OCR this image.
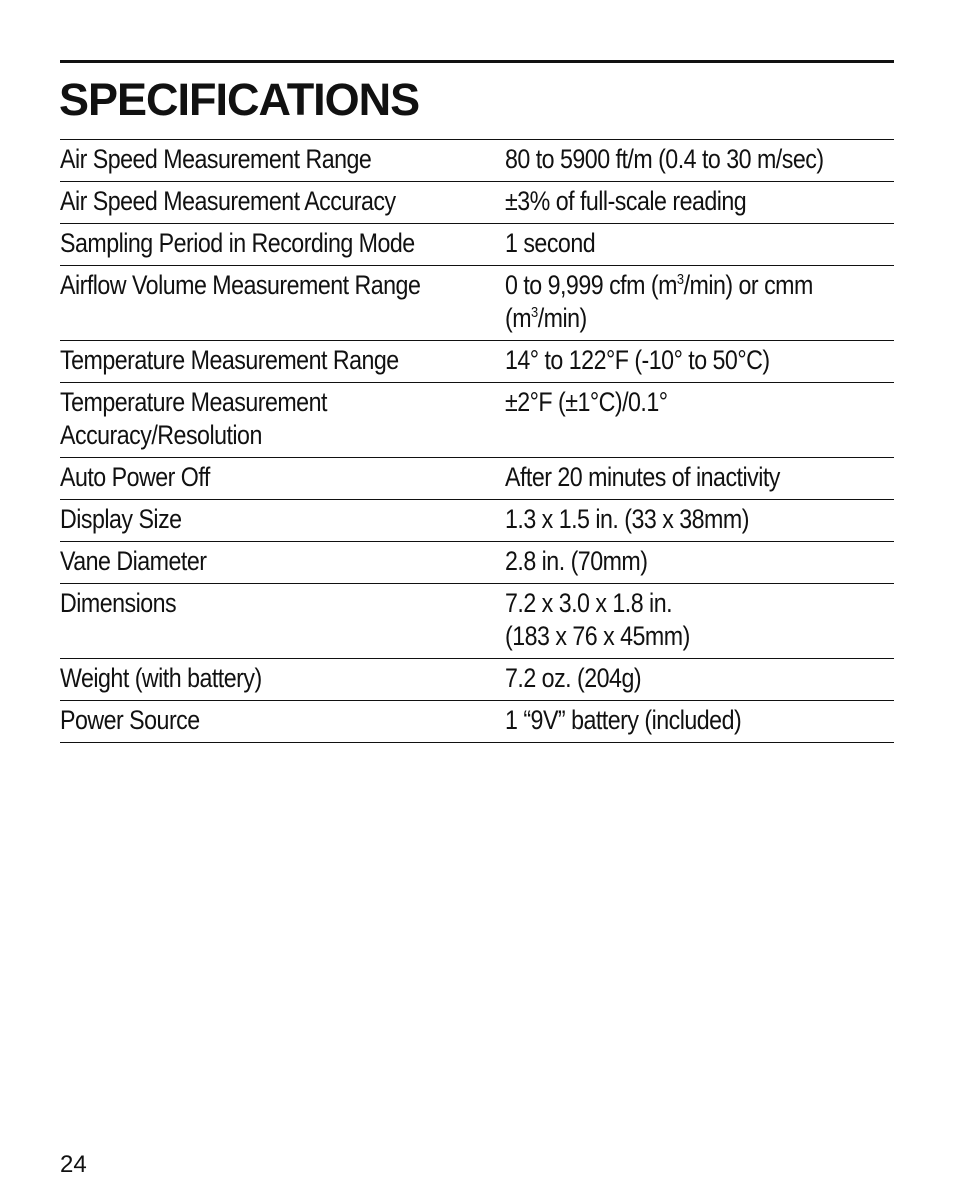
SPECIFICATIONS
Air Speed Measurement Range	80 to 5900 ft/m (0.4 to 30 m/sec)
Air Speed Measurement Accuracy	±3% of full-scale reading
Sampling Period in Recording Mode	1 second
Airflow Volume Measurement Range	0 to 9,999 cfm $(m^3/\min)$ or cmm
$(m^3/\min)$
Temperature Measurement Range	14° to 122°F (-10° to 50°C)
Temperature Measurement
Accuracy/Resolution	±2°F (±1°C)/0.1°
Auto Power Off	After 20 minutes of inactivity
Display Size	1.3 x 1.5 in. (33 x 38mm)
Vane Diameter	2.8 in. (70mm)
Dimensions	7.2 x 3.0 x 1.8 in.
(183 x 76 x 45mm)
Weight (with battery)	7.2 oz. (204g)
Power Source	1 “9V” battery (included)
24
